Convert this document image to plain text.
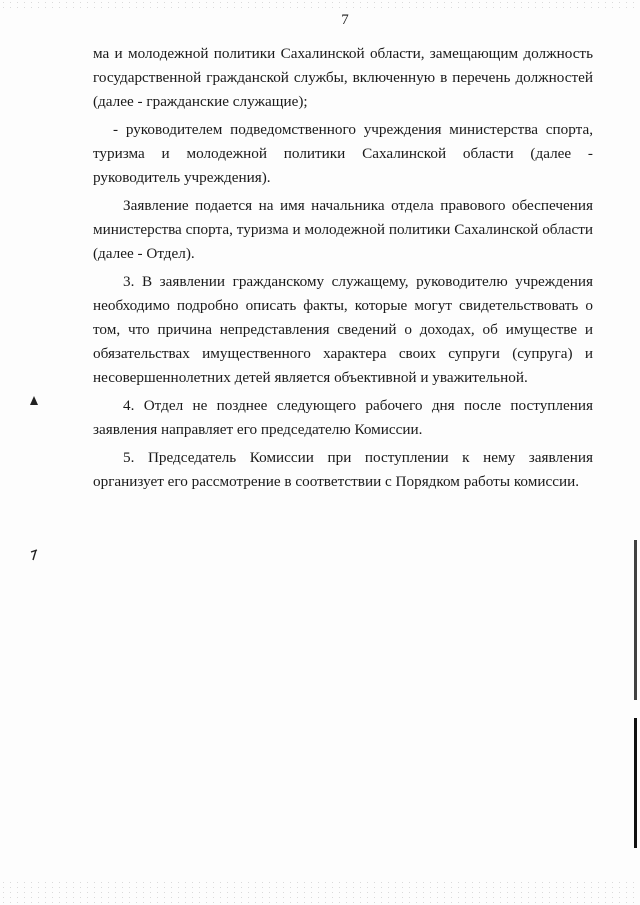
7

ма и молодежной политики Сахалинской области, замещающим должность государственной гражданской службы, включенную в перечень должностей (далее - гражданские служащие);

- руководителем подведомственного учреждения министерства спорта, туризма и молодежной политики Сахалинской области (далее - руководитель учреждения).

Заявление подается на имя начальника отдела правового обеспечения министерства спорта, туризма и молодежной политики Сахалинской области (далее - Отдел).

3. В заявлении гражданскому служащему, руководителю учреждения необходимо подробно описать факты, которые могут свидетельствовать о том, что причина непредставления сведений о доходах, об имуществе и обязательствах имущественного характера своих супруги (супруга) и несовершеннолетних детей является объективной и уважительной.

4. Отдел не позднее следующего рабочего дня после поступления заявления направляет его председателю Комиссии.

5. Председатель Комиссии при поступлении к нему заявления организует его рассмотрение в соответствии с Порядком работы комиссии.
